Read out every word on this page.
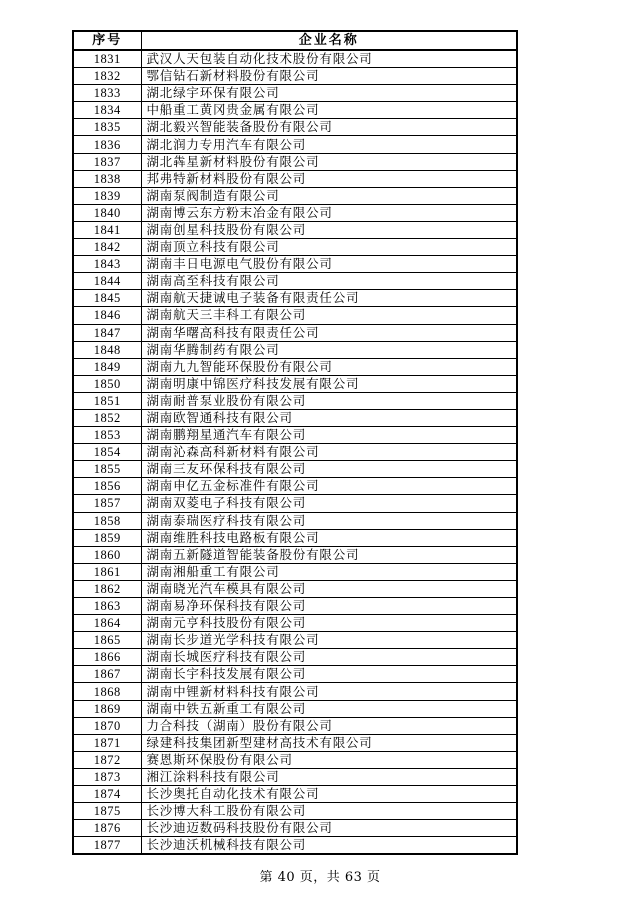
序号	企业名称
1831	武汉人天包装自动化技术股份有限公司
1832	鄂信钻石新材料股份有限公司
1833	湖北绿宇环保有限公司
1834	中船重工黄冈贵金属有限公司
1835	湖北毅兴智能装备股份有限公司
1836	湖北润力专用汽车有限公司
1837	湖北犇星新材料股份有限公司
1838	邦弗特新材料股份有限公司
1839	湖南泵阀制造有限公司
1840	湖南博云东方粉末冶金有限公司
1841	湖南创星科技股份有限公司
1842	湖南顶立科技有限公司
1843	湖南丰日电源电气股份有限公司
1844	湖南高至科技有限公司
1845	湖南航天捷诚电子装备有限责任公司
1846	湖南航天三丰科工有限公司
1847	湖南华曙高科技有限责任公司
1848	湖南华腾制药有限公司
1849	湖南九九智能环保股份有限公司
1850	湖南明康中锦医疗科技发展有限公司
1851	湖南耐普泵业股份有限公司
1852	湖南欧智通科技有限公司
1853	湖南鹏翔星通汽车有限公司
1854	湖南沁森高科新材料有限公司
1855	湖南三友环保科技有限公司
1856	湖南申亿五金标准件有限公司
1857	湖南双菱电子科技有限公司
1858	湖南泰瑞医疗科技有限公司
1859	湖南维胜科技电路板有限公司
1860	湖南五新隧道智能装备股份有限公司
1861	湖南湘船重工有限公司
1862	湖南晓光汽车模具有限公司
1863	湖南易净环保科技有限公司
1864	湖南元亨科技股份有限公司
1865	湖南长步道光学科技有限公司
1866	湖南长城医疗科技有限公司
1867	湖南长宇科技发展有限公司
1868	湖南中锂新材料科技有限公司
1869	湖南中铁五新重工有限公司
1870	力合科技（湖南）股份有限公司
1871	绿建科技集团新型建材高技术有限公司
1872	赛恩斯环保股份有限公司
1873	湘江涂料科技有限公司
1874	长沙奥托自动化技术有限公司
1875	长沙博大科工股份有限公司
1876	长沙迪迈数码科技股份有限公司
1877	长沙迪沃机械科技有限公司
第 40 页，共 63 页
